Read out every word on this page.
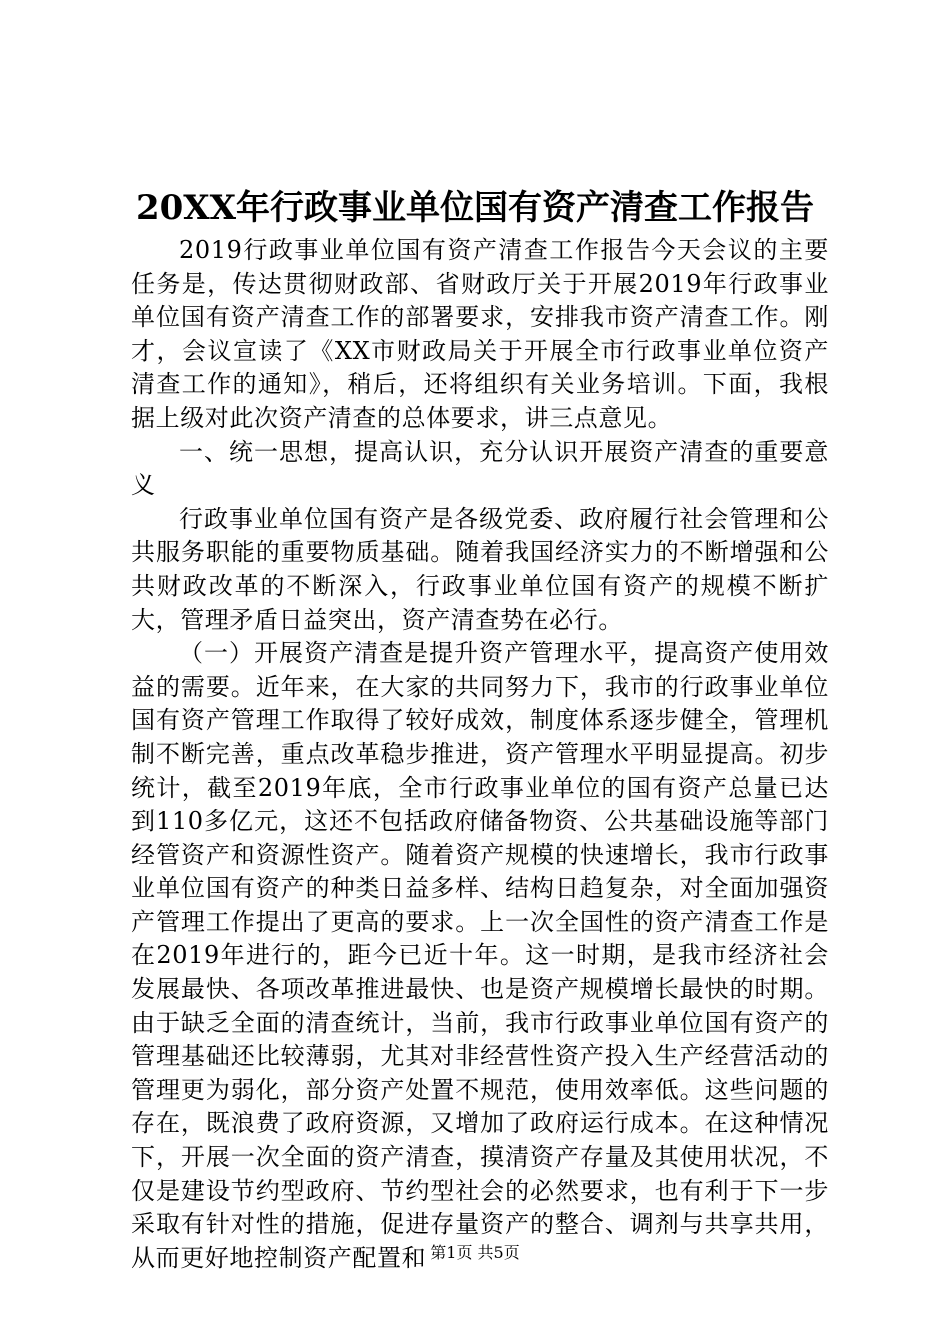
20XX年行政事业单位国有资产清查工作报告

2019行政事业单位国有资产清查工作报告今天会议的主要任务是，传达贯彻财政部、省财政厅关于开展2019年行政事业单位国有资产清查工作的部署要求，安排我市资产清查工作。刚才，会议宣读了《XX市财政局关于开展全市行政事业单位资产清查工作的通知》，稍后，还将组织有关业务培训。下面，我根据上级对此次资产清查的总体要求，讲三点意见。

一、统一思想，提高认识，充分认识开展资产清查的重要意义

行政事业单位国有资产是各级党委、政府履行社会管理和公共服务职能的重要物质基础。随着我国经济实力的不断增强和公共财政改革的不断深入，行政事业单位国有资产的规模不断扩大，管理矛盾日益突出，资产清查势在必行。

（一）开展资产清查是提升资产管理水平，提高资产使用效益的需要。近年来，在大家的共同努力下，我市的行政事业单位国有资产管理工作取得了较好成效，制度体系逐步健全，管理机制不断完善，重点改革稳步推进，资产管理水平明显提高。初步统计，截至2019年底，全市行政事业单位的国有资产总量已达到110多亿元，这还不包括政府储备物资、公共基础设施等部门经管资产和资源性资产。随着资产规模的快速增长，我市行政事业单位国有资产的种类日益多样、结构日趋复杂，对全面加强资产管理工作提出了更高的要求。上一次全国性的资产清查工作是在2019年进行的，距今已近十年。这一时期，是我市经济社会发展最快、各项改革推进最快、也是资产规模增长最快的时期。由于缺乏全面的清查统计，当前，我市行政事业单位国有资产的管理基础还比较薄弱，尤其对非经营性资产投入生产经营活动的管理更为弱化，部分资产处置不规范，使用效率低。这些问题的存在，既浪费了政府资源，又增加了政府运行成本。在这种情况下，开展一次全面的资产清查，摸清资产存量及其使用状况，不仅是建设节约型政府、节约型社会的必然要求，也有利于下一步采取有针对性的措施，促进存量资产的整合、调剂与共享共用，从而更好地控制资产配置和 第1页 共5页
